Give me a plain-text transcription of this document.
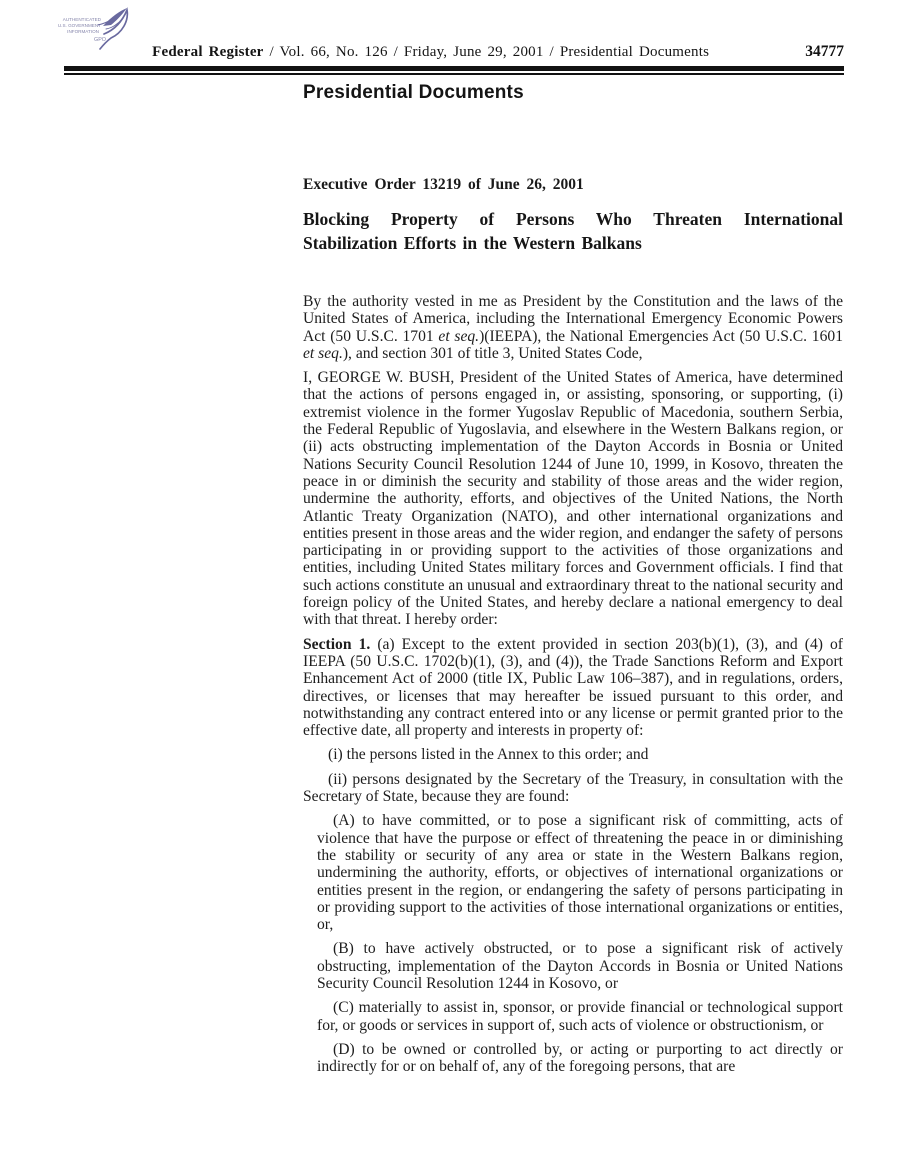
AUTHENTICATED
U.S. GOVERNMENT
INFORMATION
GPO
Federal Register / Vol. 66, No. 126 / Friday, June 29, 2001 / Presidential Documents	34777
Presidential Documents
Executive Order 13219 of June 26, 2001
Blocking Property of Persons Who Threaten International
Stabilization Efforts in the Western Balkans

By the authority vested in me as President by the Constitution and the laws of the United States of America, including the International Emergency Economic Powers Act (50 U.S.C. 1701 et seq.)(IEEPA), the National Emergencies Act (50 U.S.C. 1601 et seq.), and section 301 of title 3, United States Code,

I, GEORGE W. BUSH, President of the United States of America, have determined that the actions of persons engaged in, or assisting, sponsoring, or supporting, (i) extremist violence in the former Yugoslav Republic of Macedonia, southern Serbia, the Federal Republic of Yugoslavia, and elsewhere in the Western Balkans region, or (ii) acts obstructing implementation of the Dayton Accords in Bosnia or United Nations Security Council Resolution 1244 of June 10, 1999, in Kosovo, threaten the peace in or diminish the security and stability of those areas and the wider region, undermine the authority, efforts, and objectives of the United Nations, the North Atlantic Treaty Organization (NATO), and other international organizations and entities present in those areas and the wider region, and endanger the safety of persons participating in or providing support to the activities of those organizations and entities, including United States military forces and Government officials. I find that such actions constitute an unusual and extraordinary threat to the national security and foreign policy of the United States, and hereby declare a national emergency to deal with that threat. I hereby order:

Section 1. (a) Except to the extent provided in section 203(b)(1), (3), and (4) of IEEPA (50 U.S.C. 1702(b)(1), (3), and (4)), the Trade Sanctions Reform and Export Enhancement Act of 2000 (title IX, Public Law 106–387), and in regulations, orders, directives, or licenses that may hereafter be issued pursuant to this order, and notwithstanding any contract entered into or any license or permit granted prior to the effective date, all property and interests in property of:

(i) the persons listed in the Annex to this order; and

(ii) persons designated by the Secretary of the Treasury, in consultation with the Secretary of State, because they are found:

(A) to have committed, or to pose a significant risk of committing, acts of violence that have the purpose or effect of threatening the peace in or diminishing the stability or security of any area or state in the Western Balkans region, undermining the authority, efforts, or objectives of international organizations or entities present in the region, or endangering the safety of persons participating in or providing support to the activities of those international organizations or entities, or,

(B) to have actively obstructed, or to pose a significant risk of actively obstructing, implementation of the Dayton Accords in Bosnia or United Nations Security Council Resolution 1244 in Kosovo, or

(C) materially to assist in, sponsor, or provide financial or technological support for, or goods or services in support of, such acts of violence or obstructionism, or

(D) to be owned or controlled by, or acting or purporting to act directly or indirectly for or on behalf of, any of the foregoing persons, that are
